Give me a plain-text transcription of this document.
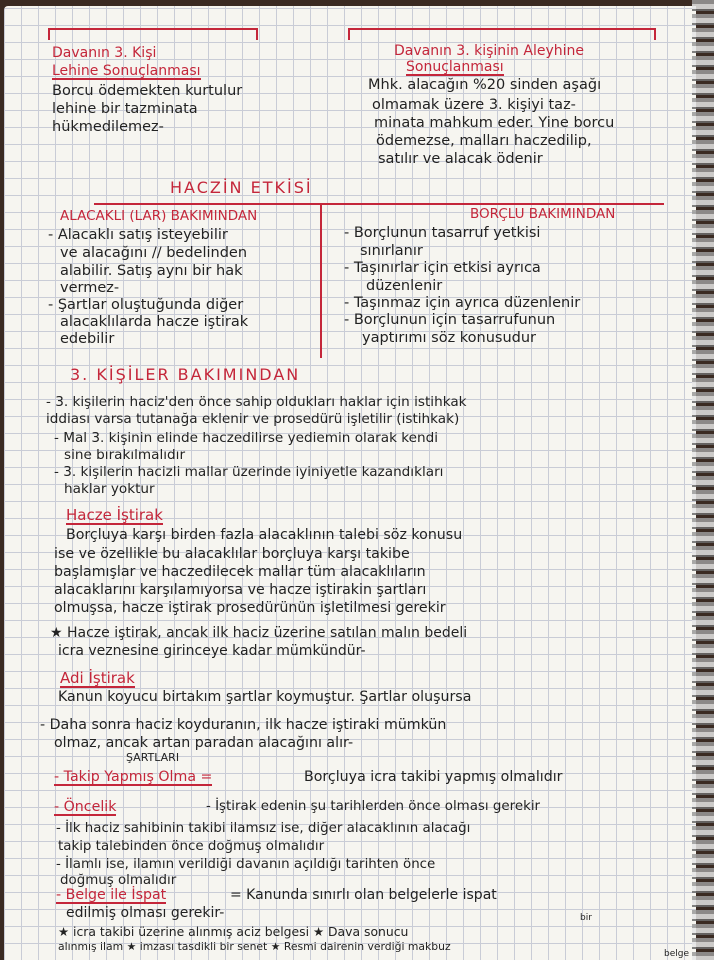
Davanın 3. Kişi
Lehine Sonuçlanması
Borcu ödemekten kurtulur
lehine bir tazminata
hükmedilemez-
Davanın 3. kişinin Aleyhine
Sonuçlanması
Mhk. alacağın %20 sinden aşağı
olmamak üzere 3. kişiyi taz-
minata mahkum eder. Yine borcu
ödemezse, malları haczedilip,
satılır ve alacak ödenir
HACZİN ETKİSİ
ALACAKLI (LAR) BAKIMINDAN
- Alacaklı satış isteyebilir
ve alacağını // bedelinden
alabilir. Satış aynı bir hak
vermez-
- Şartlar oluştuğunda diğer
alacaklılarda hacze iştirak
edebilir
BORÇLU BAKIMINDAN
- Borçlunun tasarruf yetkisi
sınırlanır
- Taşınırlar için etkisi ayrıca
düzenlenir
- Taşınmaz için ayrıca düzenlenir
- Borçlunun için tasarrufunun
yaptırımı söz konusudur
3. KİŞİLER BAKIMINDAN
- 3. kişilerin haciz'den önce sahip oldukları haklar için istihkak
iddiası varsa tutanağa eklenir ve prosedürü işletilir (istihkak)
- Mal 3. kişinin elinde haczedilirse yediemin olarak kendi
sine bırakılmalıdır
- 3. kişilerin hacizli mallar üzerinde iyiniyetle kazandıkları
haklar yoktur
Hacze İştirak
Borçluya karşı birden fazla alacaklının talebi söz konusu
ise ve özellikle bu alacaklılar borçluya karşı takibe
başlamışlar ve haczedilecek mallar tüm alacaklıların
alacaklarını karşılamıyorsa ve hacze iştirakin şartları
olmuşsa, hacze iştirak prosedürünün işletilmesi gerekir
★ Hacze iştirak, ancak ilk haciz üzerine satılan malın bedeli
icra veznesine girinceye kadar mümkündür-
Adi İştirak
Kanun koyucu birtakım şartlar koymuştur. Şartlar oluşursa
- Daha sonra haciz koyduranın, ilk hacze iştiraki mümkün
olmaz, ancak artan paradan alacağını alır-
ŞARTLARI
- Takip Yapmış Olma =	Borçluya icra takibi yapmış olmalıdır
- Öncelik	- İştirak edenin şu tarihlerden önce olması gerekir
- İlk haciz sahibinin takibi ilamsız ise, diğer alacaklının alacağı
takip talebinden önce doğmuş olmalıdır
- İlamlı ise, ilamın verildiği davanın açıldığı tarihten önce
doğmuş olmalıdır
- Belge ile İspat	= Kanunda sınırlı olan belgelerle ispat
edilmiş olması gerekir-
★ icra takibi üzerine alınmış aciz belgesi ★ Dava sonucu
alınmış ilam ★ imzası tasdikli bir senet ★ Resmi dairenin verdiği makbuz
bir
belge
